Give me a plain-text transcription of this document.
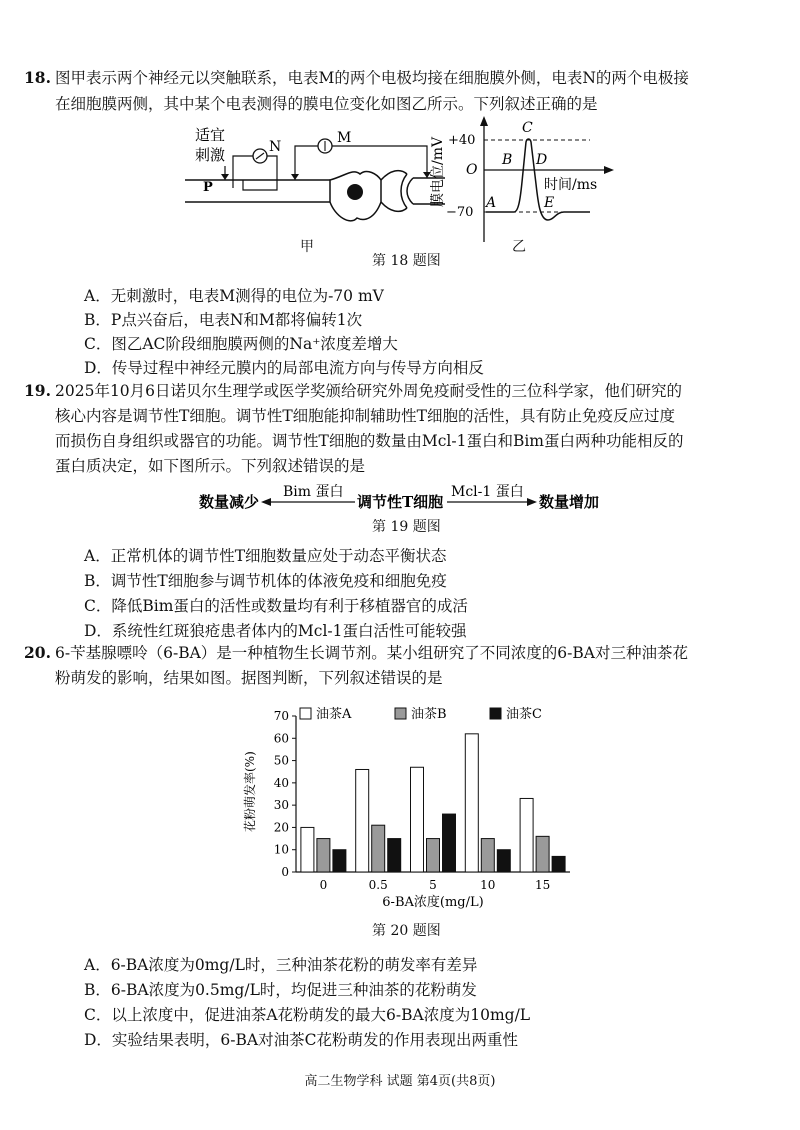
18. 图甲表示两个神经元以突触联系，电表M的两个电极均接在细胞膜外侧，电表N的两个电极接
在细胞膜两侧，其中某个电表测得的膜电位变化如图乙所示。下列叙述正确的是
适宜
刺激
P
N
M
甲
膜电位/mV	时间/ms
+40
O
−70
A
B
C
D
E
乙
第 18 题图
A．无刺激时，电表M测得的电位为-70 mV
B．P点兴奋后，电表N和M都将偏转1次
C．图乙AC阶段细胞膜两侧的Na⁺浓度差增大
D．传导过程中神经元膜内的局部电流方向与传导方向相反
19. 2025年10月6日诺贝尔生理学或医学奖颁给研究外周免疫耐受性的三位科学家，他们研究的
核心内容是调节性T细胞。调节性T细胞能抑制辅助性T细胞的活性，具有防止免疫反应过度
而损伤自身组织或器官的功能。调节性T细胞的数量由Mcl-1蛋白和Bim蛋白两种功能相反的
蛋白质决定，如下图所示。下列叙述错误的是
数量减少
Bim 蛋白
调节性T细胞
Mcl-1 蛋白
数量增加
第 19 题图
A．正常机体的调节性T细胞数量应处于动态平衡状态
B．调节性T细胞参与调节机体的体液免疫和细胞免疫
C．降低Bim蛋白的活性或数量均有利于移植器官的成活
D．系统性红斑狼疮患者体内的Mcl-1蛋白活性可能较强
20. 6-苄基腺嘌呤（6-BA）是一种植物生长调节剂。某小组研究了不同浓度的6-BA对三种油茶花
粉萌发的影响，结果如图。据图判断，下列叙述错误的是
花粉萌发率(%)
6-BA浓度(mg/L)
0
10
20
30
40
50
60
70
0	0.5	5	10	15
油茶A	油茶B	油茶C
第 20 题图
A．6-BA浓度为0mg/L时，三种油茶花粉的萌发率有差异
B．6-BA浓度为0.5mg/L时，均促进三种油茶的花粉萌发
C．以上浓度中，促进油茶A花粉萌发的最大6-BA浓度为10mg/L
D．实验结果表明，6-BA对油茶C花粉萌发的作用表现出两重性
高二生物学科 试题 第4页(共8页)
